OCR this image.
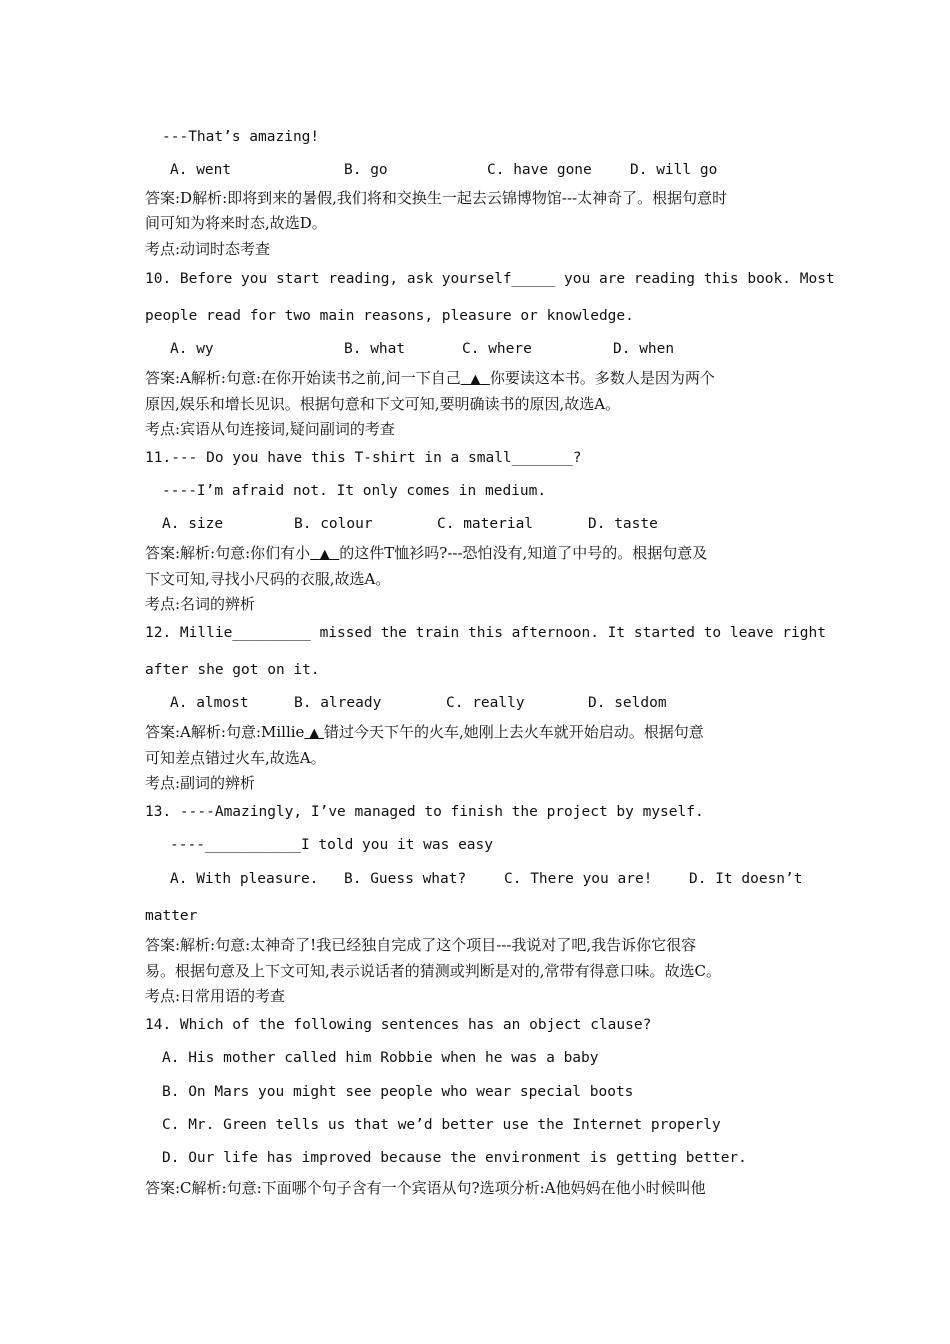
---That’s amazing!
A. went	B. go	C. have gone	D. will go
答案:D解析:即将到来的暑假,我们将和交换生一起去云锦博物馆---太神奇了。根据句意时
间可知为将来时态,故选D。
考点:动词时态考查
10. Before you start reading, ask yourself_____ you are reading this book. Most
people read for two main reasons, pleasure or knowledge.
A. wy	B. what	C. where	D. when
答案:A解析:句意:在你开始读书之前,问一下自己 ▲ 你要读这本书。多数人是因为两个
原因,娱乐和增长见识。根据句意和下文可知,要明确读书的原因,故选A。
考点:宾语从句连接词,疑问副词的考查
11.--- Do you have this T-shirt in a small_______?
----I’m afraid not. It only comes in medium.
A. size	B. colour	C. material	D. taste
答案:解析:句意:你们有小 ▲ 的这件T恤衫吗?---恐怕没有,知道了中号的。根据句意及
下文可知,寻找小尺码的衣服,故选A。
考点:名词的辨析
12. Millie_________ missed the train this afternoon. It started to leave right
after she got on it.
A. almost	B. already	C. really	D. seldom
答案:A解析:句意:Millie ▲ 错过今天下午的火车,她刚上去火车就开始启动。根据句意
可知差点错过火车,故选A。
考点:副词的辨析
13. ----Amazingly, I’ve managed to finish the project by myself.
----___________I told you it was easy
A. With pleasure. B. Guess what?	C. There you are!	D. It doesn’t
matter
答案:解析:句意:太神奇了!我已经独自完成了这个项目---我说对了吧,我告诉你它很容
易。根据句意及上下文可知,表示说话者的猜测或判断是对的,常带有得意口味。故选C。
考点:日常用语的考查
14. Which of the following sentences has an object clause?
A. His mother called him Robbie when he was a baby
B. On Mars you might see people who wear special boots
C. Mr. Green tells us that we’d better use the Internet properly
D. Our life has improved because the environment is getting better.
答案:C解析:句意:下面哪个句子含有一个宾语从句?选项分析:A他妈妈在他小时候叫他
